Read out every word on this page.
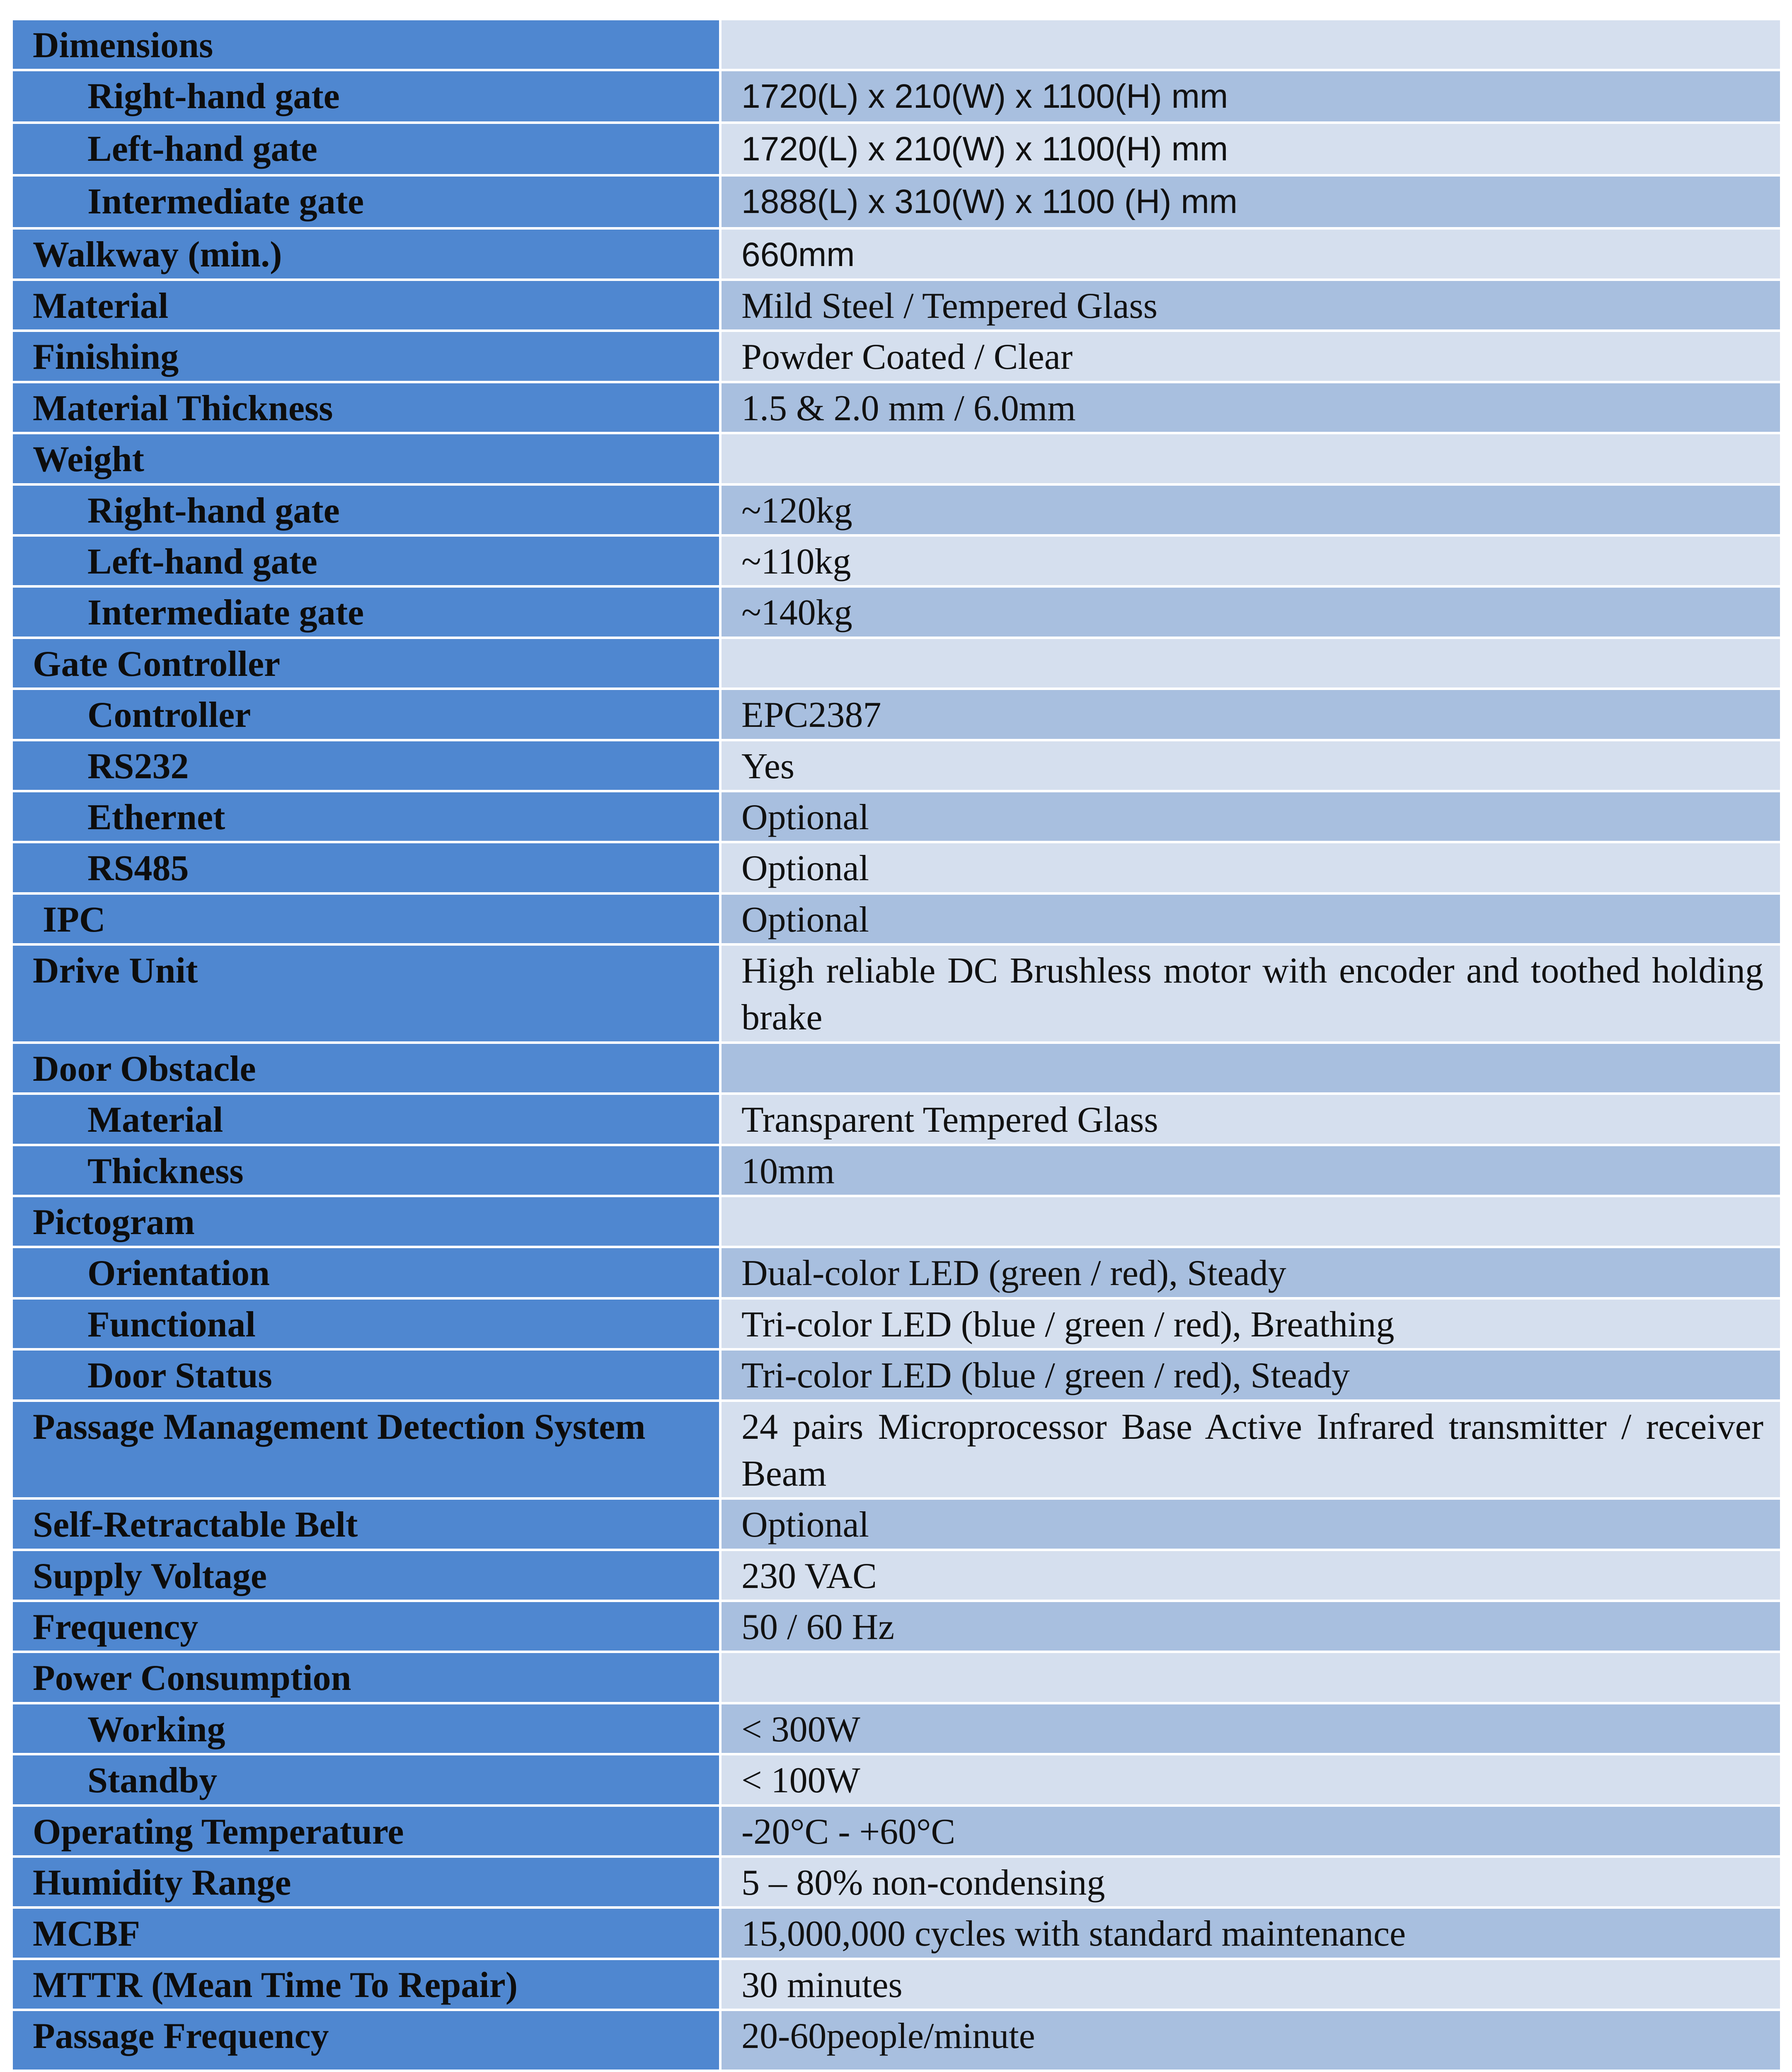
Dimensions	
Right-hand gate	1720(L) x 210(W) x 1100(H) mm
Left-hand gate	1720(L) x 210(W) x 1100(H) mm
Intermediate gate	1888(L) x 310(W) x 1100 (H) mm
Walkway (min.)	660mm
Material	Mild Steel / Tempered Glass
Finishing	Powder Coated / Clear
Material Thickness	1.5 & 2.0 mm / 6.0mm
Weight	
Right-hand gate	~120kg
Left-hand gate	~110kg
Intermediate gate	~140kg
Gate Controller	
Controller	EPC2387
RS232	Yes
Ethernet	Optional
RS485	Optional
IPC	Optional
Drive Unit	High reliable DC Brushless motor with encoder and toothed holding brake
Door Obstacle	
Material	Transparent Tempered Glass
Thickness	10mm
Pictogram	
Orientation	Dual-color LED (green / red), Steady
Functional	Tri-color LED (blue / green / red), Breathing
Door Status	Tri-color LED (blue / green / red), Steady
Passage Management Detection System	24 pairs Microprocessor Base Active Infrared transmitter / receiver Beam
Self-Retractable Belt	Optional
Supply Voltage	230 VAC
Frequency	50 / 60 Hz
Power Consumption	
Working	< 300W
Standby	< 100W
Operating Temperature	-20°C - +60°C
Humidity Range	5 – 80% non-condensing
MCBF	15,000,000 cycles with standard maintenance
MTTR (Mean Time To Repair)	30 minutes
Passage Frequency	20-60people/minute
